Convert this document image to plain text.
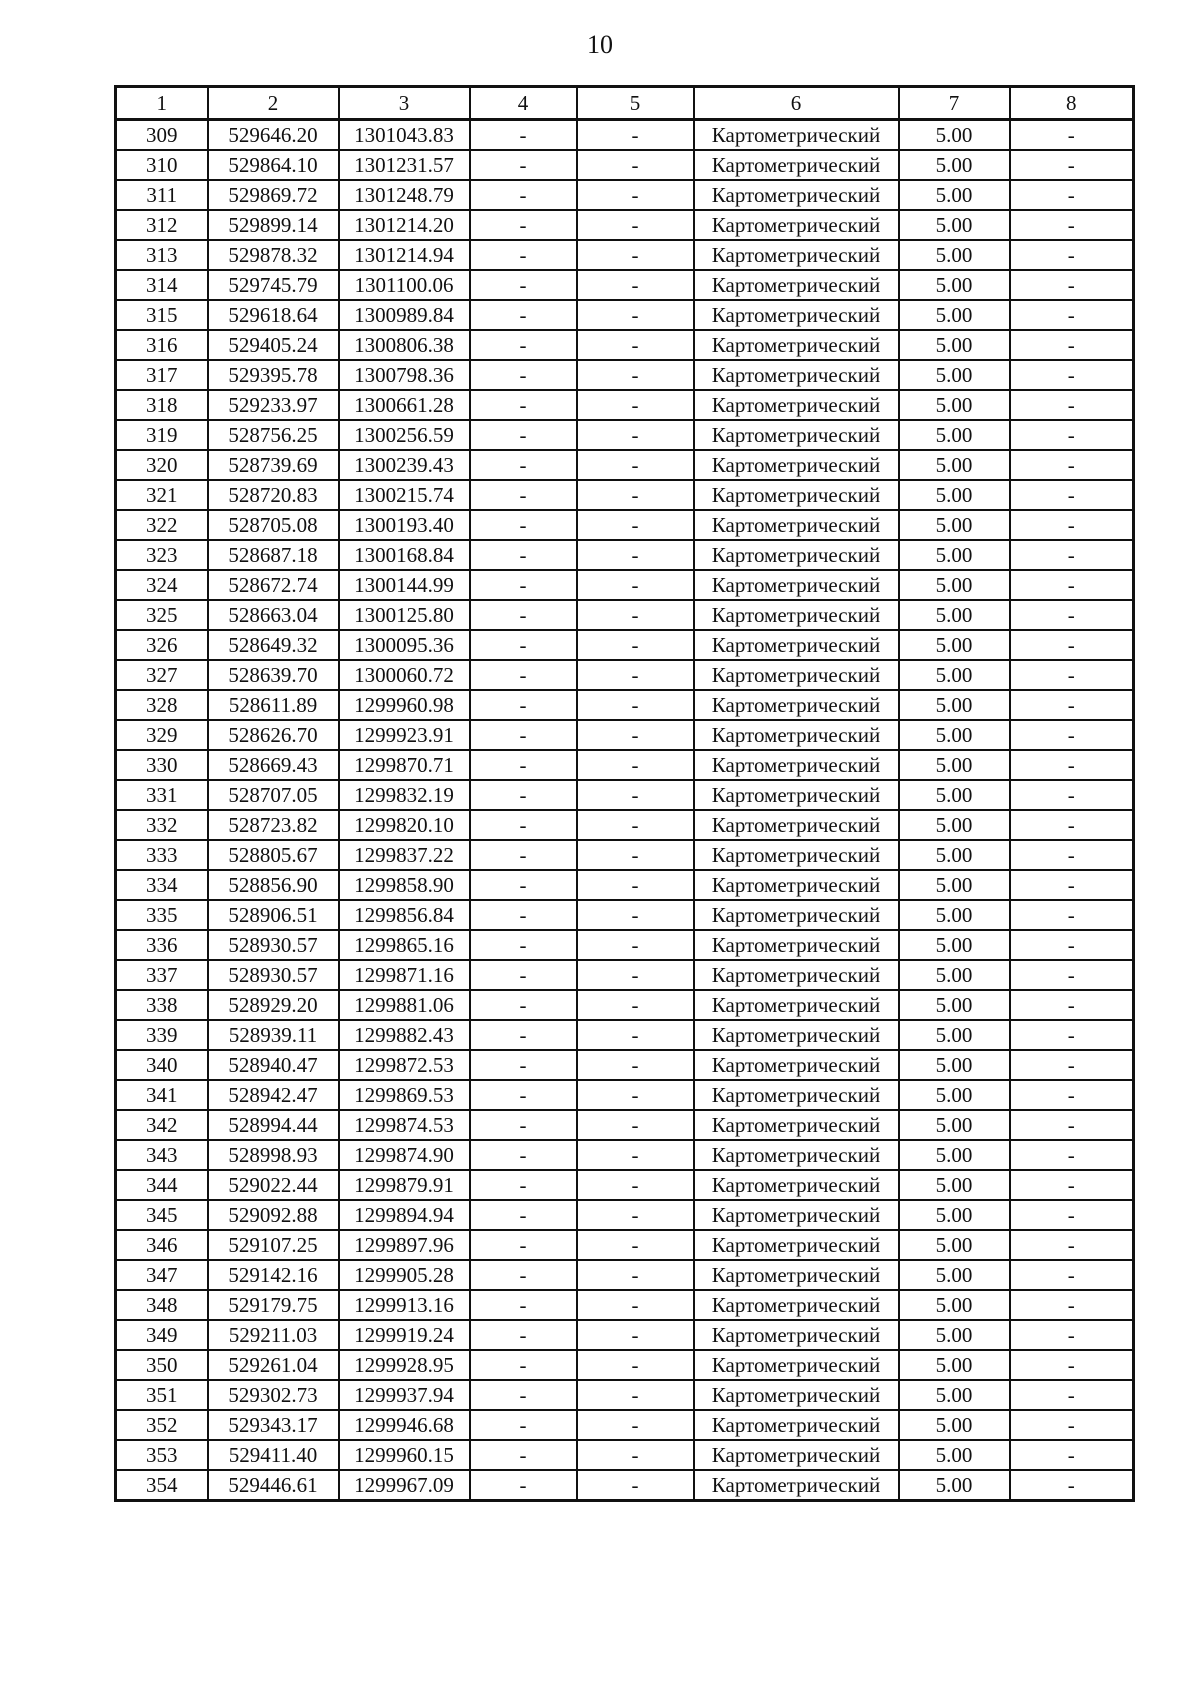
10
1	2	3	4	5	6	7	8
309	529646.20	1301043.83	-	-	Картометрический	5.00	-
310	529864.10	1301231.57	-	-	Картометрический	5.00	-
311	529869.72	1301248.79	-	-	Картометрический	5.00	-
312	529899.14	1301214.20	-	-	Картометрический	5.00	-
313	529878.32	1301214.94	-	-	Картометрический	5.00	-
314	529745.79	1301100.06	-	-	Картометрический	5.00	-
315	529618.64	1300989.84	-	-	Картометрический	5.00	-
316	529405.24	1300806.38	-	-	Картометрический	5.00	-
317	529395.78	1300798.36	-	-	Картометрический	5.00	-
318	529233.97	1300661.28	-	-	Картометрический	5.00	-
319	528756.25	1300256.59	-	-	Картометрический	5.00	-
320	528739.69	1300239.43	-	-	Картометрический	5.00	-
321	528720.83	1300215.74	-	-	Картометрический	5.00	-
322	528705.08	1300193.40	-	-	Картометрический	5.00	-
323	528687.18	1300168.84	-	-	Картометрический	5.00	-
324	528672.74	1300144.99	-	-	Картометрический	5.00	-
325	528663.04	1300125.80	-	-	Картометрический	5.00	-
326	528649.32	1300095.36	-	-	Картометрический	5.00	-
327	528639.70	1300060.72	-	-	Картометрический	5.00	-
328	528611.89	1299960.98	-	-	Картометрический	5.00	-
329	528626.70	1299923.91	-	-	Картометрический	5.00	-
330	528669.43	1299870.71	-	-	Картометрический	5.00	-
331	528707.05	1299832.19	-	-	Картометрический	5.00	-
332	528723.82	1299820.10	-	-	Картометрический	5.00	-
333	528805.67	1299837.22	-	-	Картометрический	5.00	-
334	528856.90	1299858.90	-	-	Картометрический	5.00	-
335	528906.51	1299856.84	-	-	Картометрический	5.00	-
336	528930.57	1299865.16	-	-	Картометрический	5.00	-
337	528930.57	1299871.16	-	-	Картометрический	5.00	-
338	528929.20	1299881.06	-	-	Картометрический	5.00	-
339	528939.11	1299882.43	-	-	Картометрический	5.00	-
340	528940.47	1299872.53	-	-	Картометрический	5.00	-
341	528942.47	1299869.53	-	-	Картометрический	5.00	-
342	528994.44	1299874.53	-	-	Картометрический	5.00	-
343	528998.93	1299874.90	-	-	Картометрический	5.00	-
344	529022.44	1299879.91	-	-	Картометрический	5.00	-
345	529092.88	1299894.94	-	-	Картометрический	5.00	-
346	529107.25	1299897.96	-	-	Картометрический	5.00	-
347	529142.16	1299905.28	-	-	Картометрический	5.00	-
348	529179.75	1299913.16	-	-	Картометрический	5.00	-
349	529211.03	1299919.24	-	-	Картометрический	5.00	-
350	529261.04	1299928.95	-	-	Картометрический	5.00	-
351	529302.73	1299937.94	-	-	Картометрический	5.00	-
352	529343.17	1299946.68	-	-	Картометрический	5.00	-
353	529411.40	1299960.15	-	-	Картометрический	5.00	-
354	529446.61	1299967.09	-	-	Картометрический	5.00	-
